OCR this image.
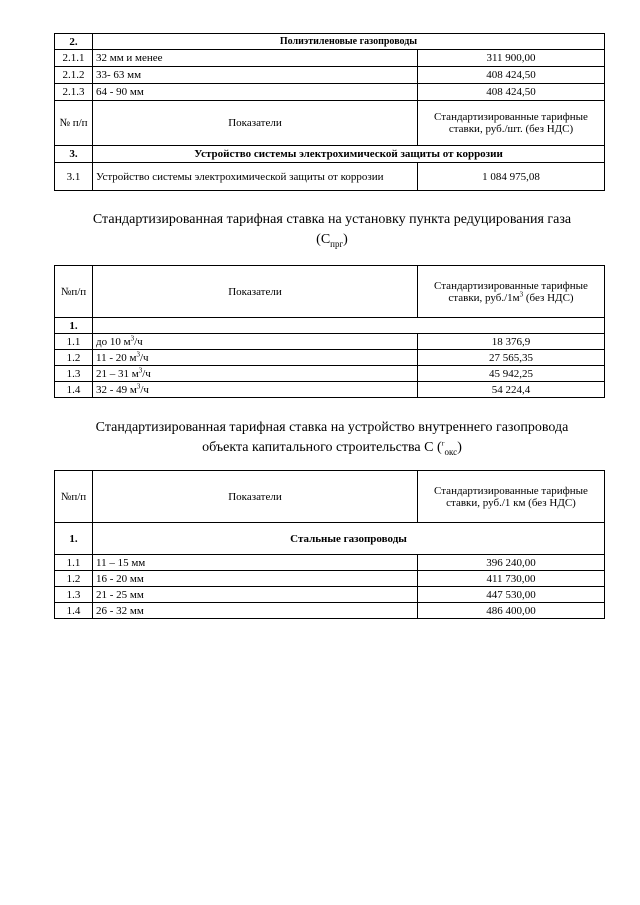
2.	Полиэтиленовые газопроводы	
2.1.1	32 мм и менее	311 900,00
2.1.2	33- 63 мм	408 424,50
2.1.3	64 - 90 мм	408 424,50
№ п/п	Показатели	Стандартизированные тарифные ставки, руб./шт. (без НДС)
3.	Устройство системы электрохимической защиты от коррозии	
3.1	Устройство системы электрохимической защиты от коррозии	1 084 975,08
Стандартизированная тарифная ставка на установку пункта редуцирования газа
$(С_{прг})$
№п/п	Показатели	Стандартизированные тарифные ставки, $руб./1м^3$ (без НДС)
1.		
1.1	до 10 $м^3/ч$	18 376,9
1.2	11 - 20 $м^3/ч$	27 565,35
1.3	21 – 31 $м^3/ч$	45 942,25
1.4	32 - 49 $м^3/ч$	54 224,4
Стандартизированная тарифная ставка на устройство внутреннего газопровода
объекта капитального строительства С ($^г_{окс}$)
№п/п	Показатели	Стандартизированные тарифные ставки, руб./1 км (без НДС)
1.	Стальные газопроводы	
1.1	11 – 15 мм	396 240,00
1.2	16 - 20 мм	411 730,00
1.3	21 - 25 мм	447 530,00
1.4	26 - 32 мм	486 400,00
